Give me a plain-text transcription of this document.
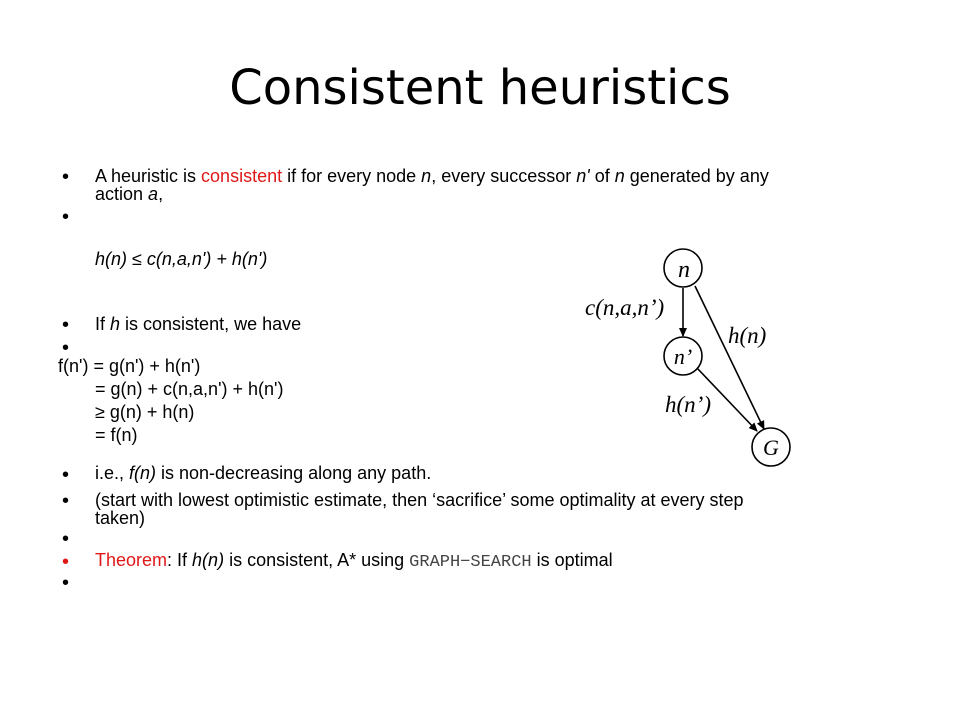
Consistent heuristics
• A heuristic is consistent if for every node n, every successor n' of n generated by any
action a,
•
h(n) ≤ c(n,a,n') + h(n')
• If h is consistent, we have
•
f(n') = g(n') + h(n')
= g(n) + c(n,a,n') + h(n')
≥ g(n) + h(n)
= f(n)
• i.e., f(n) is non-decreasing along any path.
• (start with lowest optimistic estimate, then ‘sacrifice’ some optimality at every step
taken)
•
• Theorem: If h(n) is consistent, A* using GRAPH−SEARCH is optimal
•
n
n’
G
c(n,a,n’)
h(n)
h(n’)
